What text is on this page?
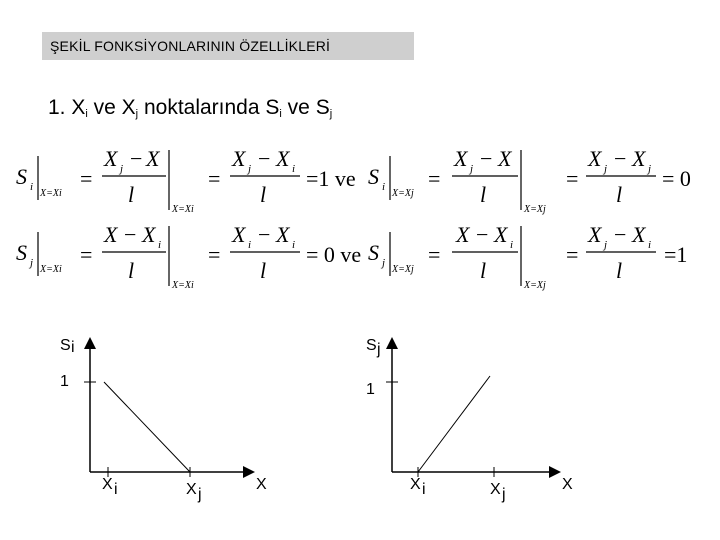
ŞEKİL FONKSİYONLARININ ÖZELLİKLERİ
1. $X_i$ ve $X_j$ noktalarında $S_i$ ve $S_j$
S i
X=Xi
=
X j − X
l
X=Xi
=
X j − X i
l
=1 ve S i
X=Xj
=
X j − X
l
X=Xj
=
X j − X j
l
= 0
S j
X=Xi
=
X − X i
l
X=Xi
=
X i − X i
l
= 0 ve S j
X=Xj
=
X − X i
l
X=Xj
=
X j − X i
l
=1
S i
1
X i	X j
X
S j
1
X i	X j
X
